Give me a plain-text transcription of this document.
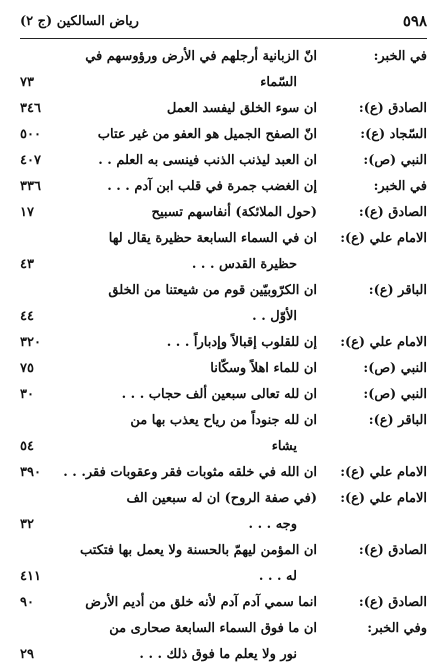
٥٩٨
رياض السالكين (ج ٢)
في الخبر:
انّ الزبانية أرجلهم في الأرض ورؤوسهم في
السّماء
٧٣
الصادق (ع):
ان سوء الخلق ليفسد العمل
٣٤٦
السّجاد (ع):
انّ الصفح الجميل هو العفو من غير عتاب
٥٠٠
النبي (ص):
ان العبد ليذنب الذنب فينسى به العلم . .
٤٠٧
في الخبر:
إن الغضب جمرة في قلب ابن آدم . . .
٣٣٦
الصادق (ع):
(حول الملائكة) أنفاسهم تسبيح
١٧
الامام علي (ع):
ان في السماء السابعة حظيرة يقال لها
حظيرة القدس . . .
٤٣
الباقر (ع):
ان الكرّوبيّين قوم من شيعتنا من الخلق
الأوّل . .
٤٤
الامام علي (ع):
إن للقلوب إقبالاً وإدباراً . . .
٣٢٠
النبي (ص):
ان للماء اهلاً وسكّانا
٧٥
النبي (ص):
ان لله تعالى سبعين ألف حجاب . . .
٣٠
الباقر (ع):
ان لله جنوداً من رياح يعذب بها من
يشاء
٥٤
الامام علي (ع):
ان الله في خلقه مثوبات فقر وعقوبات فقر. . .
٣٩٠
الامام علي (ع):
(في صفة الروح) ان له سبعين الف
وجه . . .
٣٢
الصادق (ع):
ان المؤمن ليهمّ بالحسنة ولا يعمل بها فتكتب
له . . .
٤١١
الصادق (ع):
انما سمي آدم آدم لأنه خلق من أديم الأرض
٩٠
وفي الخبر:
ان ما فوق السماء السابعة صحارى من
نور ولا يعلم ما فوق ذلك . . .
٢٩
